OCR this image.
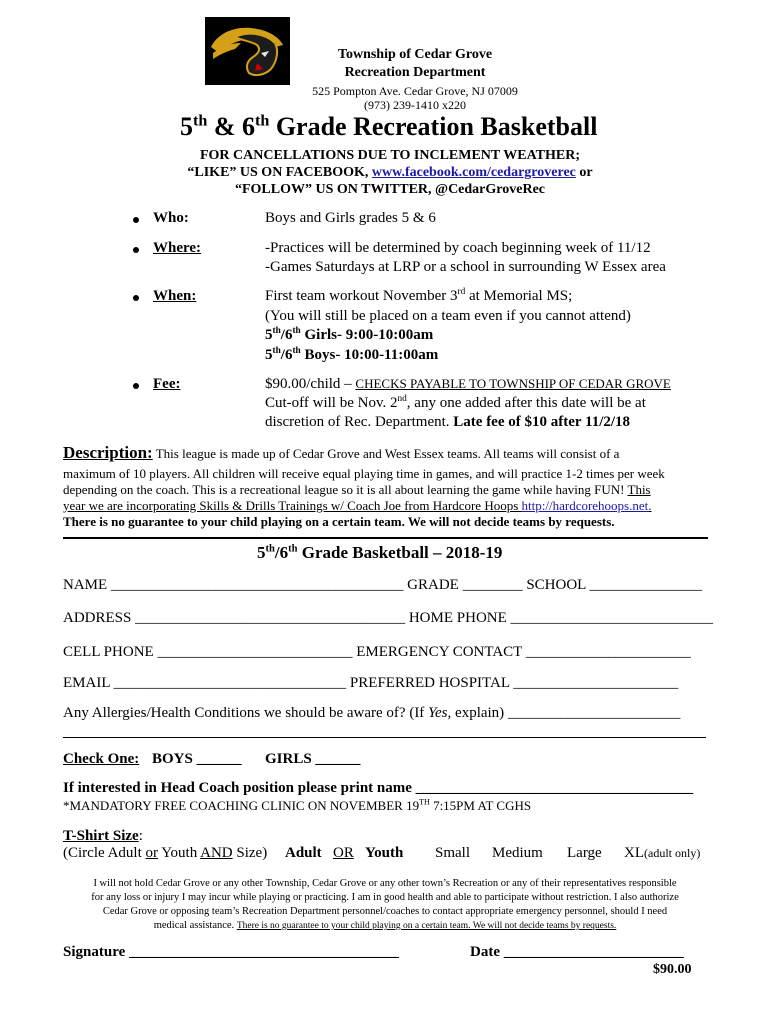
Township of Cedar Grove
Recreation Department
525 Pompton Ave. Cedar Grove, NJ 07009
(973) 239-1410 x220
5th & 6th Grade Recreation Basketball
FOR CANCELLATIONS DUE TO INCLEMENT WEATHER;
“LIKE” US ON FACEBOOK, www.facebook.com/cedargroverec or
“FOLLOW” US ON TWITTER, @CedarGroveRec
Who:	Boys and Girls grades 5 & 6
Where:	-Practices will be determined by coach beginning week of 11/12
-Games Saturdays at LRP or a school in surrounding W Essex area
When:	First team workout November 3rd at Memorial MS;
(You will still be placed on a team even if you cannot attend)
5th/6th Girls- 9:00-10:00am
5th/6th Boys- 10:00-11:00am
Fee:	$90.00/child – CHECKS PAYABLE TO TOWNSHIP OF CEDAR GROVE
Cut-off will be Nov. 2nd, any one added after this date will be at
discretion of Rec. Department. Late fee of $10 after 11/2/18
Description: This league is made up of Cedar Grove and West Essex teams. All teams will consist of a
maximum of 10 players. All children will receive equal playing time in games, and will practice 1-2 times per week
depending on the coach. This is a recreational league so it is all about learning the game while having FUN! This
year we are incorporating Skills & Drills Trainings w/ Coach Joe from Hardcore Hoops http://hardcorehoops.net.
There is no guarantee to your child playing on a certain team. We will not decide teams by requests.
5th/6th Grade Basketball – 2018-19
NAME _______________________________________ GRADE ________ SCHOOL _______________
ADDRESS ____________________________________ HOME PHONE ___________________________
CELL PHONE __________________________ EMERGENCY CONTACT ______________________
EMAIL _______________________________ PREFERRED HOSPITAL ______________________
Any Allergies/Health Conditions we should be aware of? (If Yes, explain) _______________________
Check One: BOYS ______ GIRLS ______
If interested in Head Coach position please print name _____________________________________
*MANDATORY FREE COACHING CLINIC ON NOVEMBER 19TH 7:15PM AT CGHS
T-Shirt Size:
(Circle Adult or Youth AND Size) Adult OR Youth Small Medium Large XL(adult only)
I will not hold Cedar Grove or any other Township, Cedar Grove or any other town’s Recreation or any of their representatives responsible
for any loss or injury I may incur while playing or practicing. I am in good health and able to participate without restriction. I also authorize
Cedar Grove or opposing team’s Recreation Department personnel/coaches to contact appropriate emergency personnel, should I need
medical assistance. There is no guarantee to your child playing on a certain team. We will not decide teams by requests.
Signature ____________________________________	Date ________________________
$90.00
